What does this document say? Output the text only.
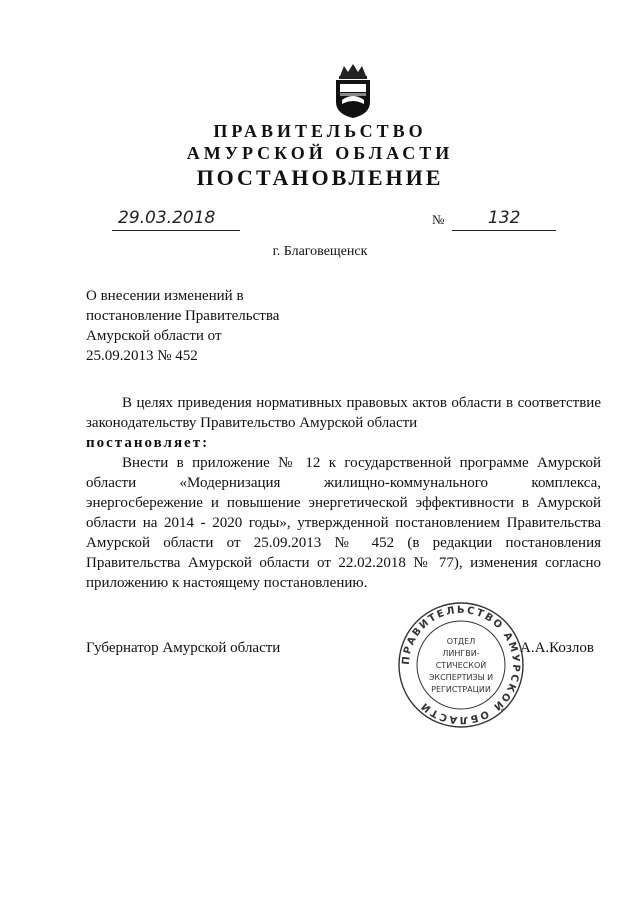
ПРАВИТЕЛЬСТВО
АМУРСКОЙ ОБЛАСТИ
ПОСТАНОВЛЕНИЕ
29.03.2018	№	132
г. Благовещенск
О внесении изменений в
постановление Правительства
Амурской области от
25.09.2013 № 452

В целях приведения нормативных правовых актов области в соответствие законодательству Правительство Амурской области

постановляет:

Внести в приложение № 12 к государственной программе Амурской области «Модернизация жилищно-коммунального комплекса, энергосбережение и повышение энергетической эффективности в Амурской области на 2014 - 2020 годы», утвержденной постановлением Правительства Амурской области от 25.09.2013 № 452 (в редакции постановления Правительства Амурской области от 22.02.2018 № 77), изменения согласно приложению к настоящему постановлению.

Губернатор Амурской области
ПРАВИТЕЛЬСТВО АМУРСКОЙ ОБЛАСТИ
ОТДЕЛ
ЛИНГВИ-
СТИЧЕСКОЙ
ЭКСПЕРТИЗЫ И
РЕГИСТРАЦИИ
А.А.Козлов
